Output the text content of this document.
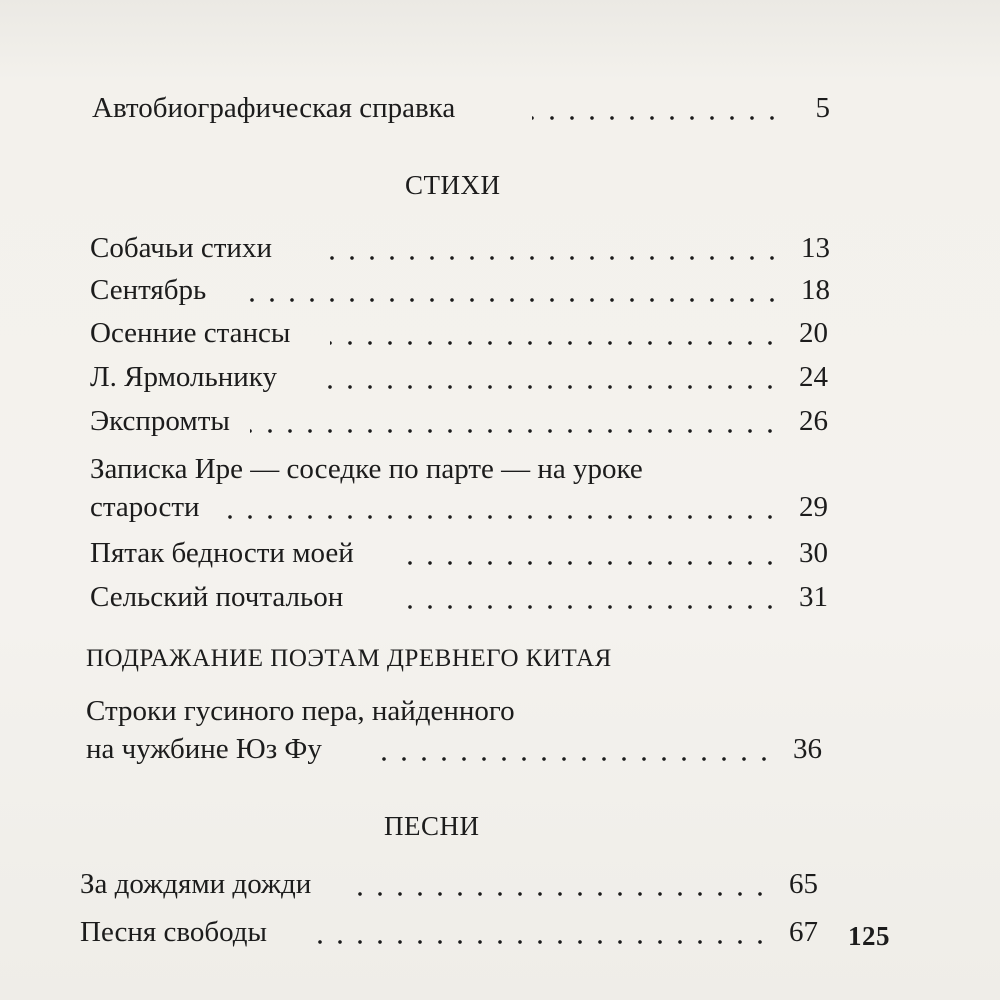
Автобиографическая справка	5
СТИХИ
Собачьи стихи	13
Сентябрь	18
Осенние стансы	20
Л. Ярмольнику	24
Экспромты	26
Записка Ире — соседке по парте — на уроке
старости	29
Пятак бедности моей	30
Сельский почтальон	31
ПОДРАЖАНИЕ ПОЭТАМ ДРЕВНЕГО КИТАЯ
Строки гусиного пера, найденного
на чужбине Юз Фу	36
ПЕСНИ
За дождями дожди	65
Песня свободы	67 125
